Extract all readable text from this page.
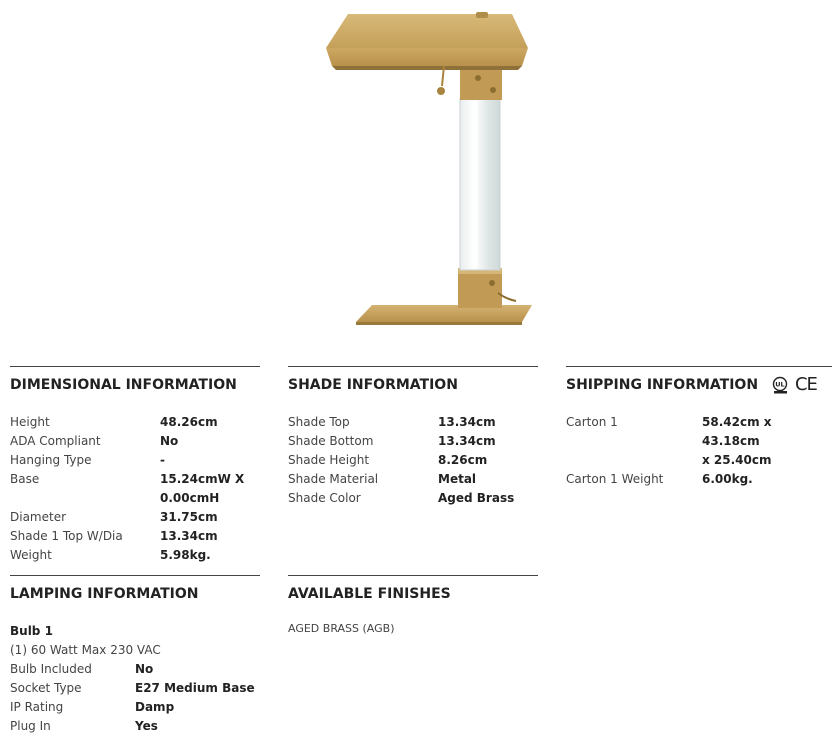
DIMENSIONAL INFORMATION
Height	48.26cm
ADA Compliant	No
Hanging Type	-
Base	15.24cmW X
0.00cmH
Diameter	31.75cm
Shade 1 Top W/Dia	13.34cm
Weight	5.98kg.
SHADE INFORMATION
Shade Top	13.34cm
Shade Bottom	13.34cm
Shade Height	8.26cm
Shade Material	Metal
Shade Color	Aged Brass
SHIPPING INFORMATION	UL CE
Carton 1	58.42cm x 43.18cm
x 25.40cm
Carton 1 Weight	6.00kg.
LAMPING INFORMATION
Bulb 1
(1) 60 Watt Max 230 VAC
Bulb Included	No
Socket Type	E27 Medium Base
IP Rating	Damp
Plug In	Yes
AVAILABLE FINISHES
AGED BRASS (AGB)
